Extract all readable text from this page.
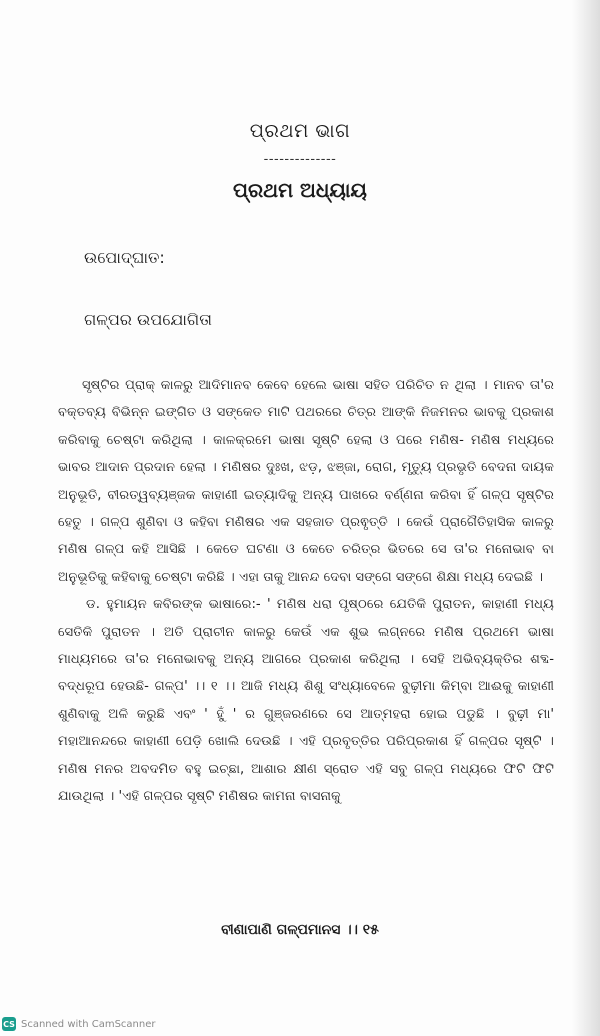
ପ୍ରଥମ ଭାଗ
--------------
ପ୍ରଥମ ଅଧ୍ୟାୟ
ଉପୋଦ୍‌ଘାତ:
ଗଳ୍ପର ଉପଯୋଗିତା

ସୃଷ୍ଟିର ପ୍ରାକ୍ କାଳରୁ ଆଦିମାନବ କେବେ ହେଲେ ଭାଷା ସହିତ ପରିଚିତ ନ ଥିଲା । ମାନବ ତା'ର ବକ୍ତବ୍ୟ ବିଭିନ୍ନ ଇଙ୍ଗିତ ଓ ସଙ୍କେତ ମାଟି ପଥରରେ ଚିତ୍ର ଆଙ୍କି ନିଜମନର ଭାବକୁ ପ୍ରକାଶ କରିବାକୁ ଚେଷ୍ଟା କରିଥିଲା । କାଳକ୍ରମେ ଭାଷା ସୃଷ୍ଟି ହେଲା ଓ ପରେ ମଣିଷ- ମଣିଷ ମଧ୍ୟରେ ଭାବର ଆଦାନ ପ୍ରଦାନ ହେଲା । ମଣିଷର ଦୁଃଖ, ଝଡ଼, ଝଞ୍ଜା, ରୋଗ, ମୃତ୍ୟୁ ପ୍ରଭୃତି ବେଦନା ଦାୟକ ଅନୁଭୂତି, ବୀରତ୍ୱବ୍ୟଞ୍ଜକ କାହାଣୀ ଇତ୍ୟାଦିକୁ ଅନ୍ୟ ପାଖରେ ବର୍ଣ୍ଣନା କରିବା ହିଁ ଗଳ୍ପ ସୃଷ୍ଟିର ହେତୁ । ଗଳ୍ପ ଶୁଣିବା ଓ କହିବା ମଣିଷର ଏକ ସହଜାତ ପ୍ରଵୃତ୍ତି । କେଉଁ ପ୍ରାଗୈତିହାସିକ କାଳରୁ ମଣିଷ ଗଳ୍ପ କହି ଆସିଛି । କେତେ ଘଟଣା ଓ କେତେ ଚରିତ୍ର ଭିତରେ ସେ ତା'ର ମନୋଭାବ ବା ଅନୁଭୂତିକୁ କହିବାକୁ ଚେଷ୍ଟା କରିଛି । ଏହା ତାକୁ ଆନନ୍ଦ ଦେବା ସଙ୍ଗେ ସଙ୍ଗେ ଶିକ୍ଷା ମଧ୍ୟ ଦେଇଛି ।

ଡ. ହୁମାୟନ କବିରଙ୍କ ଭାଷାରେ:- ' ମଣିଷ ଧରା ପୃଷ୍ଠରେ ଯେତିକି ପୁରାତନ, କାହାଣୀ ମଧ୍ୟ ସେତିକି ପୁରାତନ । ଅତି ପ୍ରାଚୀନ କାଳରୁ କେଉଁ ଏକ ଶୁଭ ଲଗ୍ନରେ ମଣିଷ ପ୍ରଥମେ ଭାଷା ମାଧ୍ୟମରେ ତା'ର ମନୋଭାବକୁ ଅନ୍ୟ ଆଗରେ ପ୍ରକାଶ କରିଥିଲା । ସେହି ଅଭିବ୍ୟକ୍ତିର ଶବ୍ଦ-ବଦ୍ଧରୂପ ହେଉଛି- ଗଳ୍ପ' ।। ୧ ।। ଆଜି ମଧ୍ୟ ଶିଶୁ ସଂଧ୍ୟାବେଳେ ବୁଢ଼ୀମା କିମ୍ବା ଆଈକୁ କାହାଣୀ ଶୁଣିବାକୁ ଅଳି କରୁଛି ଏବଂ ' ହୁଁ ' ର ଗୁଞ୍ଜରଣରେ ସେ ଆତ୍ମହରା ହୋଇ ପଡୁଛି । ବୁଢ଼ୀ ମା' ମହାଆନନ୍ଦରେ କାହାଣୀ ପେଡ଼ି ଖୋଲି ଦେଉଛି । ଏହି ପ୍ରବୃତ୍ତିର ପରିପ୍ରକାଶ ହିଁ ଗଳ୍ପର ସୃଷ୍ଟି । ମଣିଷ ମନର ଅବଦମିତ ବହୁ ଇଚ୍ଛା, ଆଶାର କ୍ଷୀଣ ସ୍ରୋତ ଏହି ସବୁ ଗଳ୍ପ ମଧ୍ୟରେ ଫିଟି ଫିଟି ଯାଉଥିଲା । 'ଏହି ଗଳ୍ପର ସୃଷ୍ଟି ମଣିଷର କାମନା ବାସନାକୁ

ବୀଣାପାଣି ଗଳ୍ପମାନସ ।। ୧୫
CS Scanned with CamScanner
